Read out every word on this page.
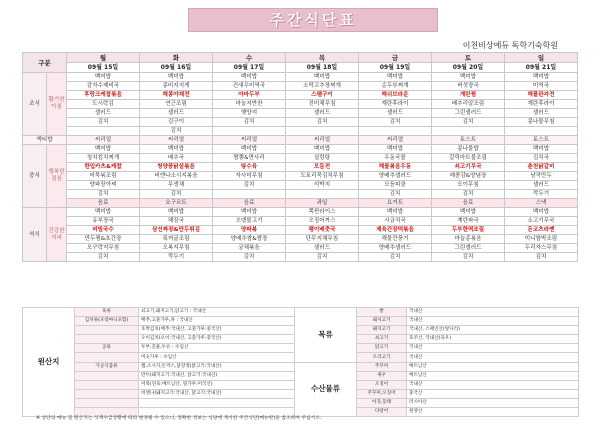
주간식단표
이천비상에듀 독학기숙학원
구분		월	화	수	목	금	토	일
		09월 15일	09월 16일	09월 17일	09월 18일	09월 19일	09월 20일	09월 21일
조식	활기찬 아침	백미밥	백미밥	백미밥	백미밥	백미밥	백미밥	백미밥
		감자수제비국	콩비지지게	건새우미역국	소떡고추장찌개	순두부찌개	버섯장국	미역국
		후랑크케찹볶음	해콩야채전	아마두부	스팸구이	해쉬브라운	계란찜	해물완자전
		도시락김	연근조림	마늘지반찬	진미채무침	계란후라이	베추리알조림	계란후라이
		샐러드	샐러드	햇양지	샐러드	샐러드	그린샐러드	샐러드
		김치	김구이	김치	김치	김치	김치	콩나물무침
			김치					
엑티밥		씨리얼	씨리얼	씨리얼	씨리얼	씨리얼	토스트	토스트
중식	행복한 점심	백미밥	백미밥	백미밥	백미밥	백미밥	콩나물밥	백미밥
		청치킴치찌개	배추국	짬뽕&면사리	설렁탕	우동국물	갈릭마트불조림	김치국
		한입카츠&케찹	청양풍닭살볶음	탕수육	모둠전	해물볶음우동	쇠고기무국	춘천닭갈비
		어묵볶조림	비엔나소시지볶음	자사미무침	도토리묵김치무침	양배추샐러드	매콤감&양념장	남작만두
		양파장아찌	무생채	김치	석박지	모듬피클	오이무침	샐러드
		김치	김치			김치	김치	깍두기
		음료	요구르트	음료	과일	요거트	음료	스낵
석식	건강한 저녁	백미밥	백미밥	백미밥	쪽찐라이스	백미밥	백미밥	백미밥
		유부장국	해장국	오뎅불고기	오징어까스	시금치국	계란파국	소고기무국
		비빔국수	삼선짜장&만두튀김	양파볶	팽이배춧국	제육간장떡볶음	두부한떡조림	돈코츠라멘
		만두찜&초간장	폭꺼굴조림	양배추쌈&쌈장	단무지채무침	해물깐풍기	마늘종볶음	미니함박조림
		오구락지무침	오복지무침	궁채볶음	샐러드	양배추샐러드	그린샐러드	두리자스무침
		김치	깍두기	김치	김치	김치	김치	김치
원산지	육류	쇠고기,돼지고기,닭고기 : 국내산	목류	쌀	국내산
	김치류(포장마니포함)	배추,고춧가루,파 : 국내산		돼지고기	국내산
		호박김치(배추:국내산, 고춧가루:중국산)		돼지고기	국내산, 스페인산(앞다리)
		오이김치(오이:국내산, 고춧가루:중국산)		쇠고기	호주산, 국내산(육우)
	공류	두부,콩물,두유 : 수입산		닭고기	국내산
		미숫가루 : 수입산		오리고기	국내산
	가공식품류	햄,소시지,돈까스,닭강정(닭고기:국내산)	수산물류	주꾸미	베트남산
		만두(돼지고기:국내산, 닭고기:국내산)		새우	베트남산
		어묵(연육:베트남산, 밀가루:미국산)		오징어	국내산
		비엔나(돼지고기:국내산, 닭고기:국내산)		주꾸미,오징어	중국산
				아귀,동태	러시아산
				다랑어	원양산
※ 상단의 메뉴 및 원산지는 식재수급상황에 따라 변경될 수 있으니, 정확한 정보는 식당에 게시된 주간식단(메뉴판)을 참조하여 주십시오.
